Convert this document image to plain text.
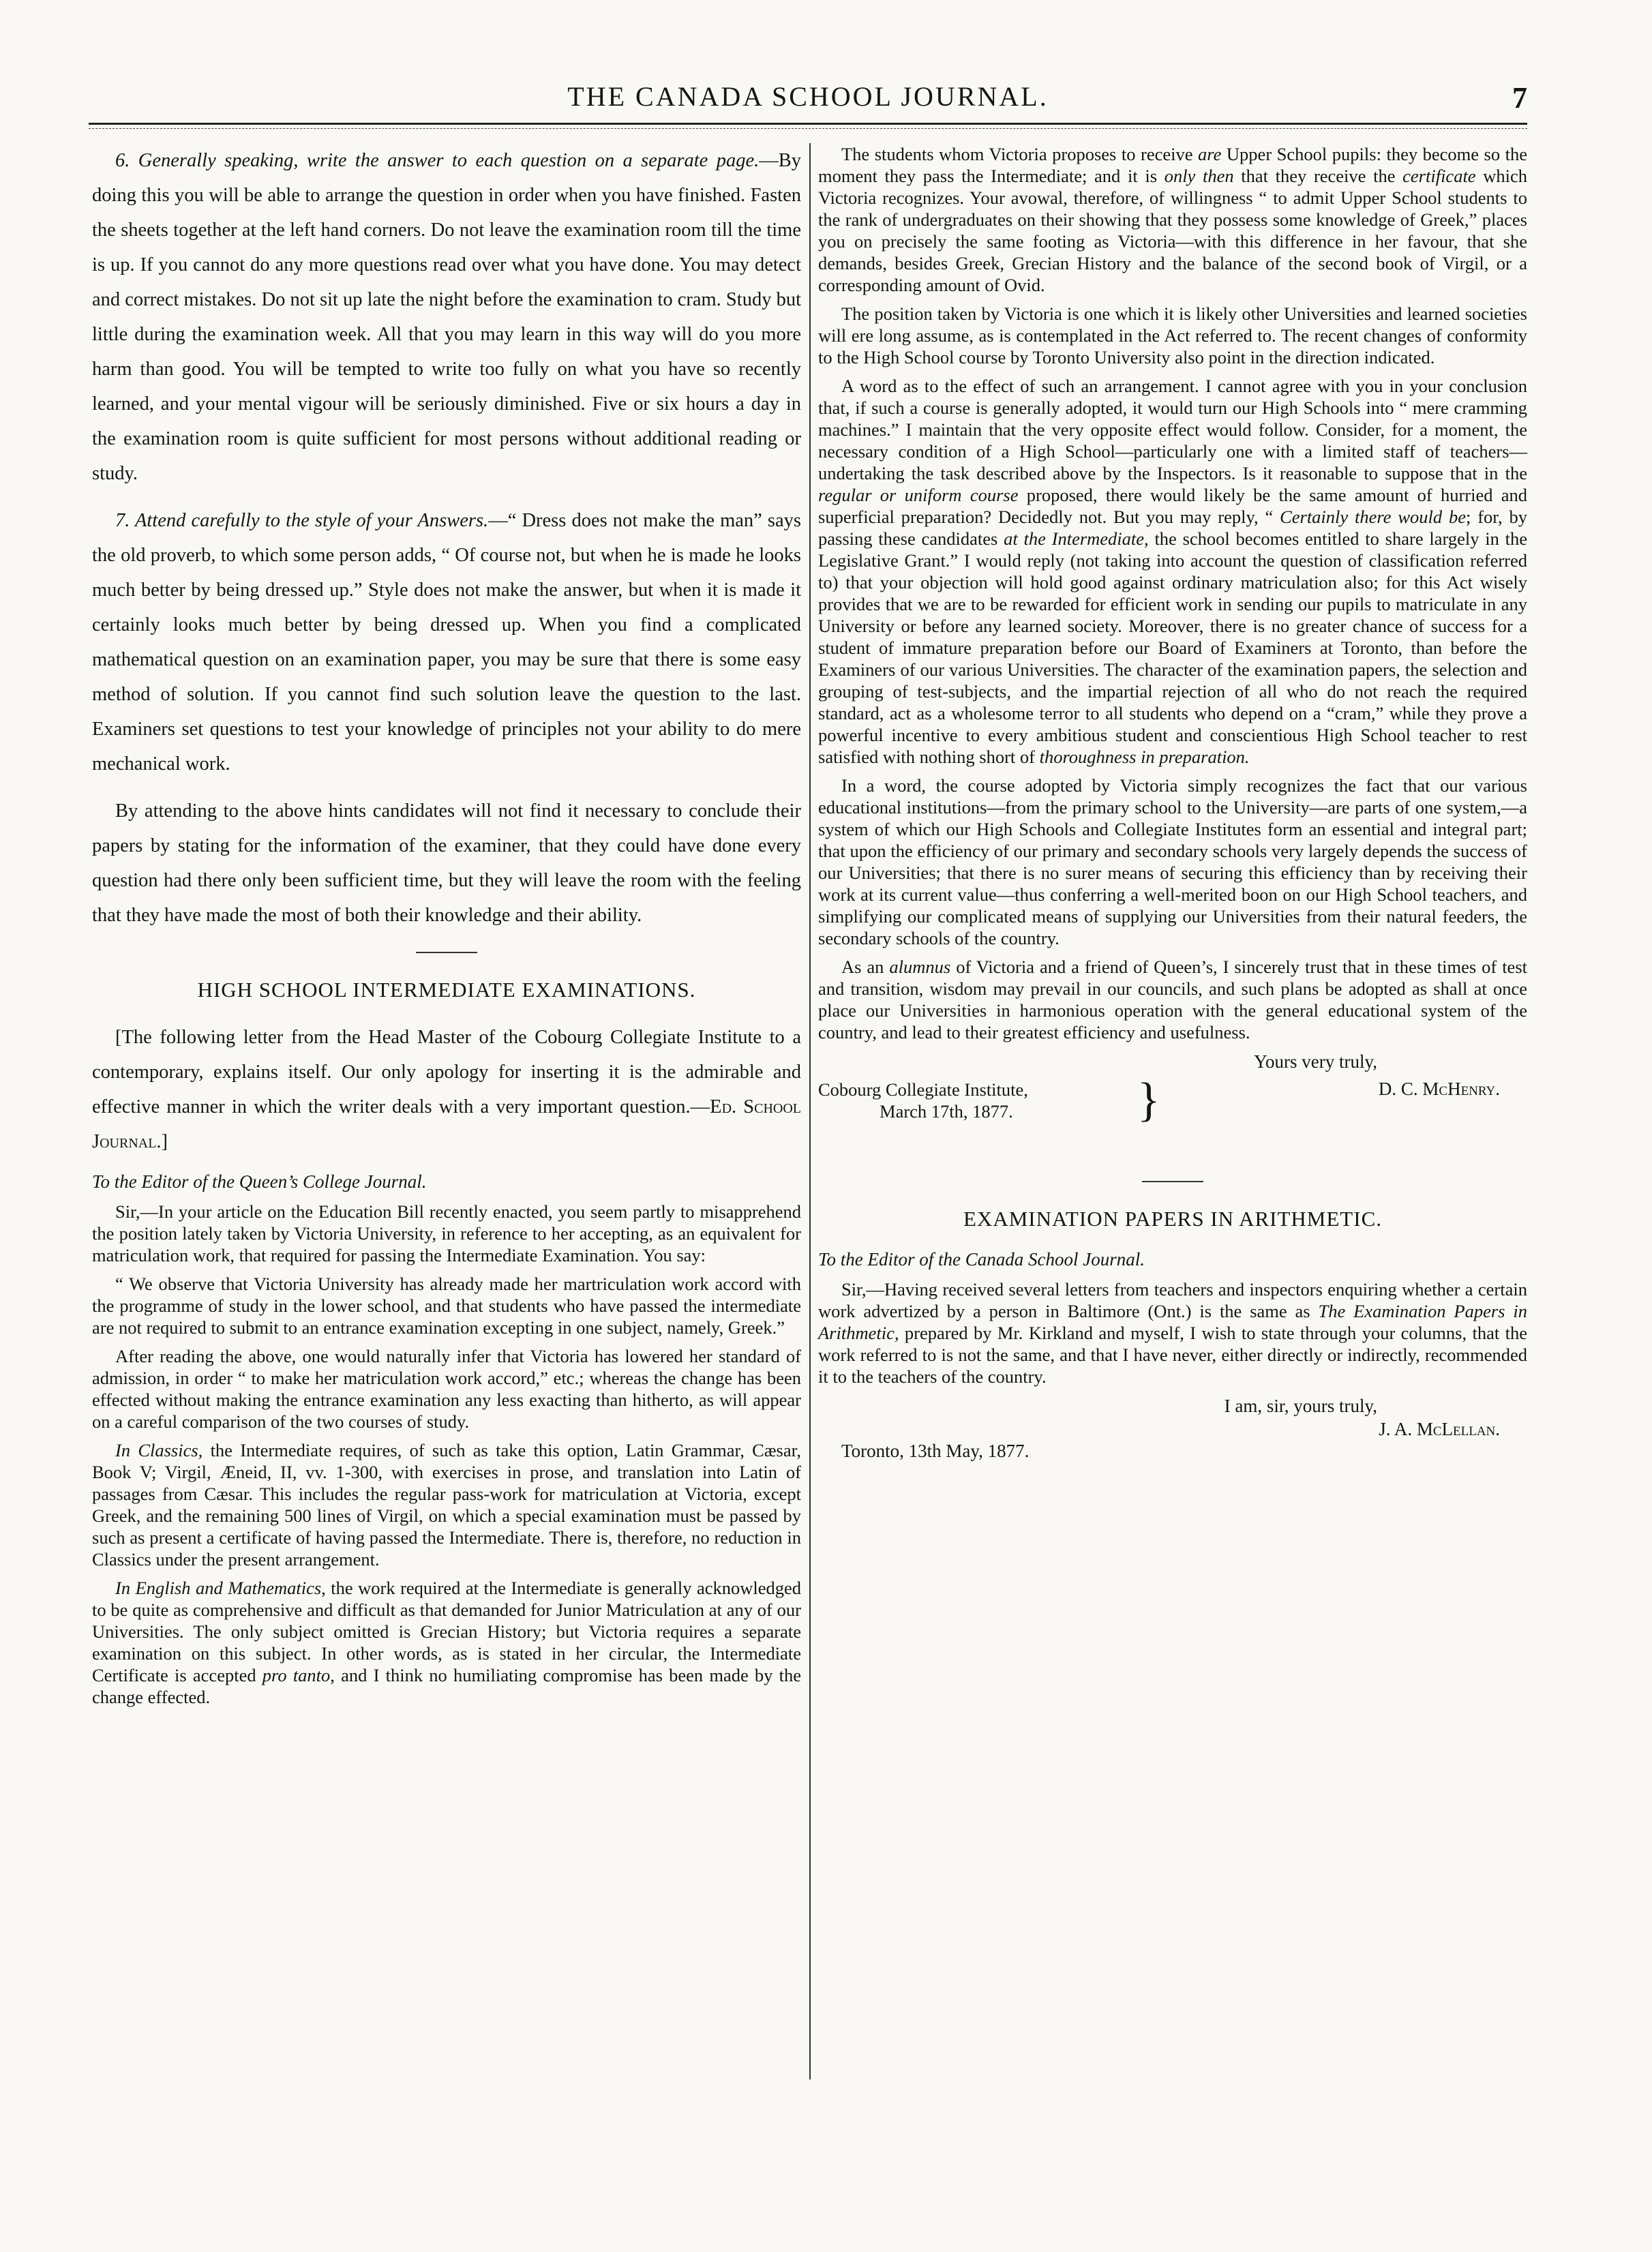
THE CANADA SCHOOL JOURNAL.	7

6. Generally speaking, write the answer to each question on a separate page.—By doing this you will be able to arrange the question in order when you have finished. Fasten the sheets together at the left hand corners. Do not leave the examination room till the time is up. If you cannot do any more questions read over what you have done. You may detect and correct mistakes. Do not sit up late the night before the examination to cram. Study but little during the examination week. All that you may learn in this way will do you more harm than good. You will be tempted to write too fully on what you have so recently learned, and your mental vigour will be seriously diminished. Five or six hours a day in the examination room is quite sufficient for most persons without additional reading or study.

7. Attend carefully to the style of your Answers.—“ Dress does not make the man” says the old proverb, to which some person adds, “ Of course not, but when he is made he looks much better by being dressed up.” Style does not make the answer, but when it is made it certainly looks much better by being dressed up. When you find a complicated mathematical question on an examination paper, you may be sure that there is some easy method of solution. If you cannot find such solution leave the question to the last. Examiners set questions to test your knowledge of principles not your ability to do mere mechanical work.

By attending to the above hints candidates will not find it necessary to conclude their papers by stating for the information of the examiner, that they could have done every question had there only been sufficient time, but they will leave the room with the feeling that they have made the most of both their knowledge and their ability.

HIGH SCHOOL INTERMEDIATE EXAMINATIONS.

[The following letter from the Head Master of the Cobourg Collegiate Institute to a contemporary, explains itself. Our only apology for inserting it is the admirable and effective manner in which the writer deals with a very important question.—Ed. School Journal.]

To the Editor of the Queen’s College Journal.

Sir,—In your article on the Education Bill recently enacted, you seem partly to misapprehend the position lately taken by Victoria University, in reference to her accepting, as an equivalent for matriculation work, that required for passing the Intermediate Examination. You say:

“ We observe that Victoria University has already made her martriculation work accord with the programme of study in the lower school, and that students who have passed the intermediate are not required to submit to an entrance examination excepting in one subject, namely, Greek.”

After reading the above, one would naturally infer that Victoria has lowered her standard of admission, in order “ to make her matriculation work accord,” etc.; whereas the change has been effected without making the entrance examination any less exacting than hitherto, as will appear on a careful comparison of the two courses of study.

In Classics, the Intermediate requires, of such as take this option, Latin Grammar, Cæsar, Book V; Virgil, Æneid, II, vv. 1-300, with exercises in prose, and translation into Latin of passages from Cæsar. This includes the regular pass-work for matriculation at Victoria, except Greek, and the remaining 500 lines of Virgil, on which a special examination must be passed by such as present a certificate of having passed the Intermediate. There is, therefore, no reduction in Classics under the present arrangement.

In English and Mathematics, the work required at the Intermediate is generally acknowledged to be quite as comprehensive and difficult as that demanded for Junior Matriculation at any of our Universities. The only subject omitted is Grecian History; but Victoria requires a separate examination on this subject. In other words, as is stated in her circular, the Intermediate Certificate is accepted pro tanto, and I think no humiliating compromise has been made by the change effected.

The students whom Victoria proposes to receive are Upper School pupils: they become so the moment they pass the Intermediate; and it is only then that they receive the certificate which Victoria recognizes. Your avowal, therefore, of willingness “ to admit Upper School students to the rank of undergraduates on their showing that they possess some knowledge of Greek,” places you on precisely the same footing as Victoria—with this difference in her favour, that she demands, besides Greek, Grecian History and the balance of the second book of Virgil, or a corresponding amount of Ovid.

The position taken by Victoria is one which it is likely other Universities and learned societies will ere long assume, as is contemplated in the Act referred to. The recent changes of conformity to the High School course by Toronto University also point in the direction indicated.

A word as to the effect of such an arrangement. I cannot agree with you in your conclusion that, if such a course is generally adopted, it would turn our High Schools into “ mere cramming machines.” I maintain that the very opposite effect would follow. Consider, for a moment, the necessary condition of a High School—particularly one with a limited staff of teachers—undertaking the task described above by the Inspectors. Is it reasonable to suppose that in the regular or uniform course proposed, there would likely be the same amount of hurried and superficial preparation? Decidedly not. But you may reply, “ Certainly there would be; for, by passing these candidates at the Intermediate, the school becomes entitled to share largely in the Legislative Grant.” I would reply (not taking into account the question of classification referred to) that your objection will hold good against ordinary matriculation also; for this Act wisely provides that we are to be rewarded for efficient work in sending our pupils to matriculate in any University or before any learned society. Moreover, there is no greater chance of success for a student of immature preparation before our Board of Examiners at Toronto, than before the Examiners of our various Universities. The character of the examination papers, the selection and grouping of test-subjects, and the impartial rejection of all who do not reach the required standard, act as a wholesome terror to all students who depend on a “cram,” while they prove a powerful incentive to every ambitious student and conscientious High School teacher to rest satisfied with nothing short of thoroughness in preparation.

In a word, the course adopted by Victoria simply recognizes the fact that our various educational institutions—from the primary school to the University—are parts of one system,—a system of which our High Schools and Collegiate Institutes form an essential and integral part; that upon the efficiency of our primary and secondary schools very largely depends the success of our Universities; that there is no surer means of securing this efficiency than by receiving their work at its current value—thus conferring a well-merited boon on our High School teachers, and simplifying our complicated means of supplying our Universities from their natural feeders, the secondary schools of the country.

As an alumnus of Victoria and a friend of Queen’s, I sincerely trust that in these times of test and transition, wisdom may prevail in our councils, and such plans be adopted as shall at once place our Universities in harmonious operation with the general educational system of the country, and lead to their greatest efficiency and usefulness.

Yours very truly,
Cobourg Collegiate Institute,
March 17th, 1877.	}	D. C. McHenry.
EXAMINATION PAPERS IN ARITHMETIC.
To the Editor of the Canada School Journal.

Sir,—Having received several letters from teachers and inspectors enquiring whether a certain work advertized by a person in Baltimore (Ont.) is the same as The Examination Papers in Arithmetic, prepared by Mr. Kirkland and myself, I wish to state through your columns, that the work referred to is not the same, and that I have never, either directly or indirectly, recommended it to the teachers of the country.

I am, sir, yours truly,
J. A. McLellan.
Toronto, 13th May, 1877.
